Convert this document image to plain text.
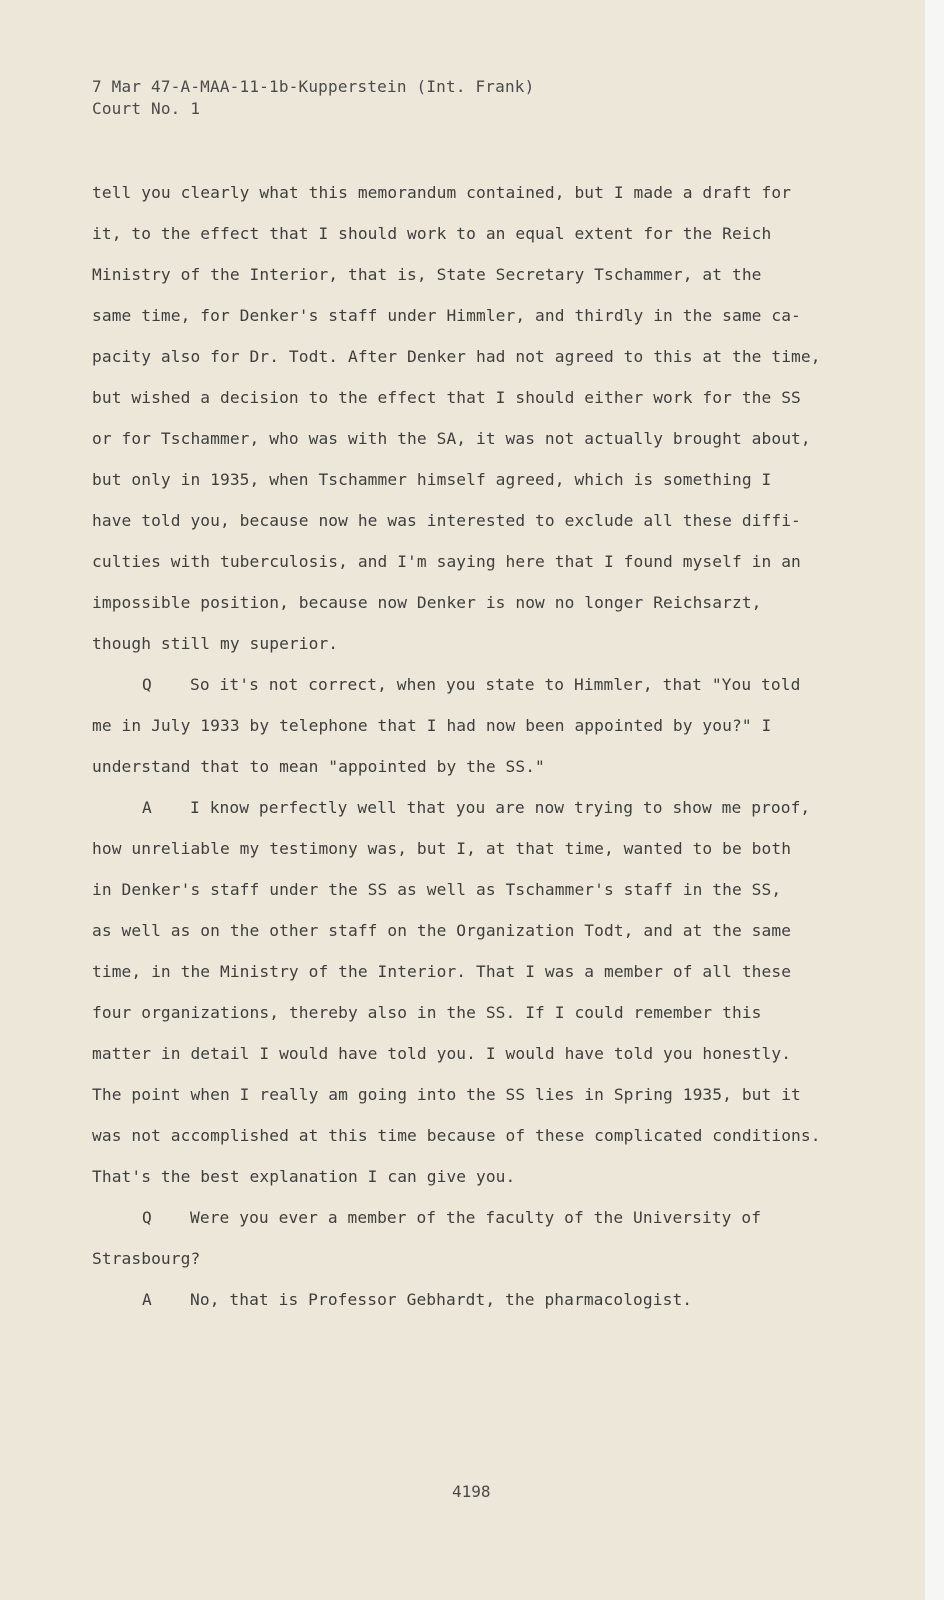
7 Mar 47-A-MAA-11-1b-Kupperstein (Int. Frank)
Court No. 1
tell you clearly what this memorandum contained, but I made a draft for
it, to the effect that I should work to an equal extent for the Reich
Ministry of the Interior, that is, State Secretary Tschammer, at the
same time, for Denker's staff under Himmler, and thirdly in the same ca-
pacity also for Dr. Todt. After Denker had not agreed to this at the time,
but wished a decision to the effect that I should either work for the SS
or for Tschammer, who was with the SA, it was not actually brought about,
but only in 1935, when Tschammer himself agreed, which is something I
have told you, because now he was interested to exclude all these diffi-
culties with tuberculosis, and I'm saying here that I found myself in an
impossible position, because now Denker is now no longer Reichsarzt,
though still my superior.
Q So it's not correct, when you state to Himmler, that "You told
me in July 1933 by telephone that I had now been appointed by you?" I
understand that to mean "appointed by the SS."
A I know perfectly well that you are now trying to show me proof,
how unreliable my testimony was, but I, at that time, wanted to be both
in Denker's staff under the SS as well as Tschammer's staff in the SS,
as well as on the other staff on the Organization Todt, and at the same
time, in the Ministry of the Interior. That I was a member of all these
four organizations, thereby also in the SS. If I could remember this
matter in detail I would have told you. I would have told you honestly.
The point when I really am going into the SS lies in Spring 1935, but it
was not accomplished at this time because of these complicated conditions.
That's the best explanation I can give you.
Q Were you ever a member of the faculty of the University of
Strasbourg?
A No, that is Professor Gebhardt, the pharmacologist.
4198
